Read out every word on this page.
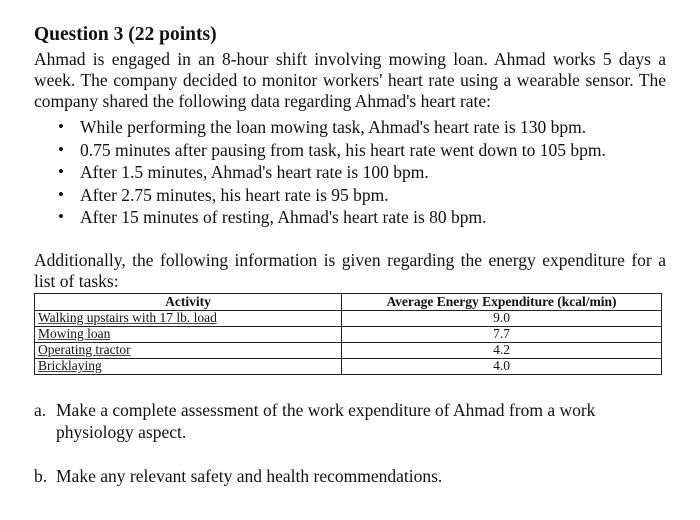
Question 3 (22 points)

Ahmad is engaged in an 8-hour shift involving mowing loan. Ahmad works 5 days a week. The company decided to monitor workers' heart rate using a wearable sensor. The company shared the following data regarding Ahmad's heart rate:

• While performing the loan mowing task, Ahmad's heart rate is 130 bpm.
• 0.75 minutes after pausing from task, his heart rate went down to 105 bpm.
• After 1.5 minutes, Ahmad's heart rate is 100 bpm.
• After 2.75 minutes, his heart rate is 95 bpm.
• After 15 minutes of resting, Ahmad's heart rate is 80 bpm.

Additionally, the following information is given regarding the energy expenditure for a list of tasks:

Activity	Average Energy Expenditure (kcal/min)
Walking upstairs with 17 lb. load	9.0
Mowing loan	7.7
Operating tractor	4.2
Bricklaying	4.0
a. Make a complete assessment of the work expenditure of Ahmad from a work physiology aspect.
b. Make any relevant safety and health recommendations.
